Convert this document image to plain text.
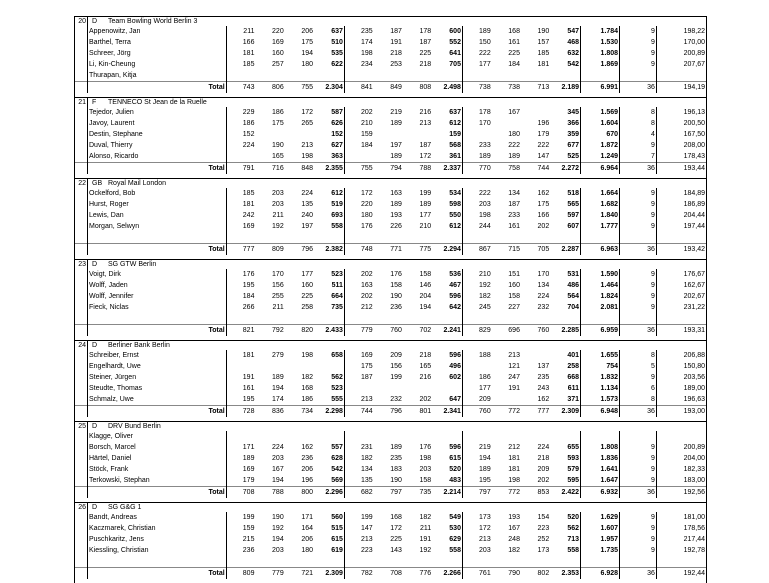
20	D	Team Bowling World Berlin 3															
	Appenowitz, Jan		211	220	206	637	235	187	178	600	189	168	190	547	1.784	9	198,22
	Barthel, Terra		166	169	175	510	174	191	187	552	150	161	157	468	1.530	9	170,00
	Schreer, Jörg		181	160	194	535	198	218	225	641	222	225	185	632	1.808	9	200,89
	Li, Kin-Cheung		185	257	180	622	234	253	218	705	177	184	181	542	1.869	9	207,67
	Thurapan, Kitja																
	Total		743	806	755	2.304	841	849	808	2.498	738	738	713	2.189	6.991	36	194,19

21	F	TENNECO St Jean de la Ruelle															
	Tejedor, Julien		229	186	172	587	202	219	216	637	178	167		345	1.569	8	196,13
	Javoy, Laurent		186	175	265	626	210	189	213	612	170		196	366	1.604	8	200,50
	Destin, Stephane		152			152	159			159		180	179	359	670	4	167,50
	Duval, Thierry		224	190	213	627	184	197	187	568	233	222	222	677	1.872	9	208,00
	Alonso, Ricardo			165	198	363		189	172	361	189	189	147	525	1.249	7	178,43
	Total		791	716	848	2.355	755	794	788	2.337	770	758	744	2.272	6.964	36	193,44

22	GB	Royal Mail London															
	Ockelford, Bob		185	203	224	612	172	163	199	534	222	134	162	518	1.664	9	184,89
	Hurst, Roger		181	203	135	519	220	189	189	598	203	187	175	565	1.682	9	186,89
	Lewis, Dan		242	211	240	693	180	193	177	550	198	233	166	597	1.840	9	204,44
	Morgan, Selwyn		169	192	197	558	176	226	210	612	244	161	202	607	1.777	9	197,44

	Total		777	809	796	2.382	748	771	775	2.294	867	715	705	2.287	6.963	36	193,42

23	D	SG GTW Berlin															
	Voigt, Dirk		176	170	177	523	202	176	158	536	210	151	170	531	1.590	9	176,67
	Wolff, Jaden		195	156	160	511	163	158	146	467	192	160	134	486	1.464	9	162,67
	Wolff, Jennifer		184	255	225	664	202	190	204	596	182	158	224	564	1.824	9	202,67
	Fieck, Niclas		266	211	258	735	212	236	194	642	245	227	232	704	2.081	9	231,22

	Total		821	792	820	2.433	779	760	702	2.241	829	696	760	2.285	6.959	36	193,31

24	D	Berliner Bank Berlin															
	Schreiber, Ernst		181	279	198	658	169	209	218	596	188	213		401	1.655	8	206,88
	Engelhardt, Uwe						175	156	165	496		121	137	258	754	5	150,80
	Steiner, Jürgen		191	189	182	562	187	199	216	602	186	247	235	668	1.832	9	203,56
	Steudte, Thomas		161	194	168	523					177	191	243	611	1.134	6	189,00
	Schmalz, Uwe		195	174	186	555	213	232	202	647	209		162	371	1.573	8	196,63
	Total		728	836	734	2.298	744	796	801	2.341	760	772	777	2.309	6.948	36	193,00

25	D	DRV Bund Berlin															
	Klagge, Oliver																
	Borsch, Marcel		171	224	162	557	231	189	176	596	219	212	224	655	1.808	9	200,89
	Härtel, Daniel		189	203	236	628	182	235	198	615	194	181	218	593	1.836	9	204,00
	Stöck, Frank		169	167	206	542	134	183	203	520	189	181	209	579	1.641	9	182,33
	Terkowski, Stephan		179	194	196	569	135	190	158	483	195	198	202	595	1.647	9	183,00
	Total		708	788	800	2.296	682	797	735	2.214	797	772	853	2.422	6.932	36	192,56

26	D	SG G&G 1															
	Bandt, Andreas		199	190	171	560	199	168	182	549	173	193	154	520	1.629	9	181,00
	Kaczmarek, Christian		159	192	164	515	147	172	211	530	172	167	223	562	1.607	9	178,56
	Puschkaritz, Jens		215	194	206	615	213	225	191	629	213	248	252	713	1.957	9	217,44
	Kiessling, Christian		236	203	180	619	223	143	192	558	203	182	173	558	1.735	9	192,78

	Total		809	779	721	2.309	782	708	776	2.266	761	790	802	2.353	6.928	36	192,44
